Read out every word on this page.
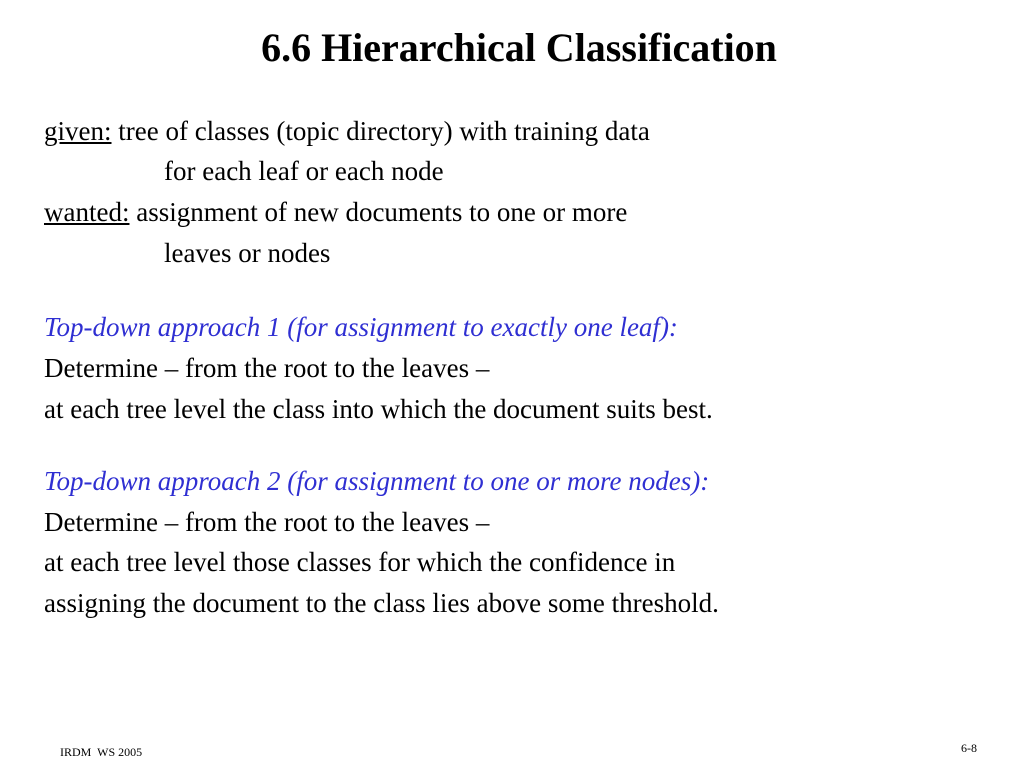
6.6 Hierarchical Classification
given: tree of classes (topic directory) with training data
for each leaf or each node
wanted: assignment of new documents to one or more
leaves or nodes
Top-down approach 1 (for assignment to exactly one leaf):
Determine – from the root to the leaves –
at each tree level the class into which the document suits best.
Top-down approach 2 (for assignment to one or more nodes):
Determine – from the root to the leaves –
at each tree level those classes for which the confidence in
assigning the document to the class lies above some threshold.
IRDM  WS 2005	6-8
